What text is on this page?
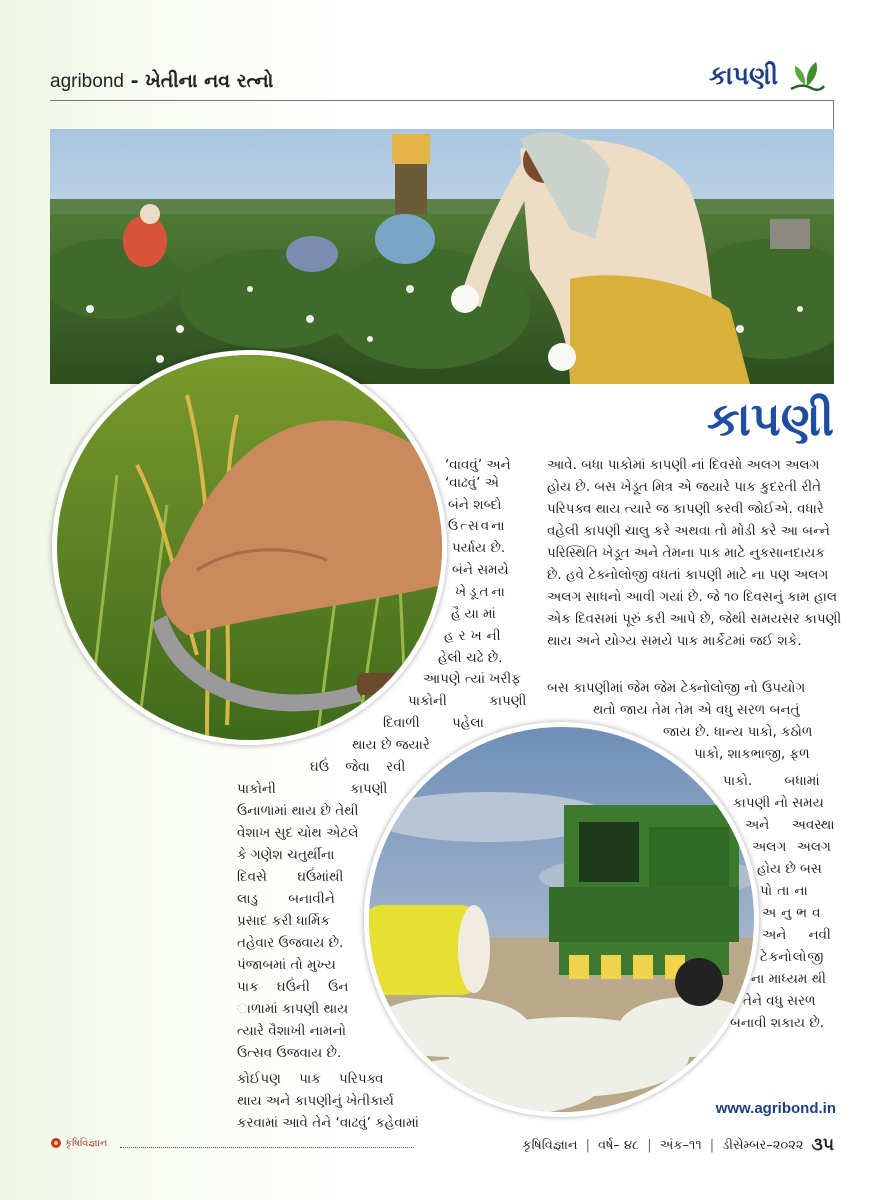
agribond - ખેતીના નવ રત્નો	કાપણી
કાપણી
‘વાવવું’ અને
‘વાઢવું’ એ
બંને શબ્દો
ઉત્સવના
પર્યાય છે.
બંને સમયે
ખેડૂતના
હૈયામાં
હરખની
હેલી ચઢે છે.
આપણે ત્યાં ખરીફ
પાકોની કાપણી
દિવાળી પહેલા
થાય છે જયારે
ઘઉં જેવા રવી
પાકોની કાપણી
ઉનાળામાં થાય છે તેથી
વેશાખ સુદ ચોથ એટલે
કે ગણેશ ચતુર્થીના
દિવસે ઘઉંમાંથી
લાડુ બનાવીને
પ્રસાદ કરી ધાર્મિક
તહેવાર ઉજવાય છે.
પંજાબમાં તો મુખ્ય
પાક ઘઉંની ઉન
ાળામાં કાપણી થાય
ત્યારે વૈશાખી નામનો
ઉત્સવ ઉજવાય છે.
કોઈપણ પાક પરિપક્વ
થાય અને કાપણીનું ખેતીકાર્ય
કરવામાં આવે તેને ‘વાઢવું’ કહેવામાં
આવે. બધા પાકોમાં કાપણી નાં દિવસો અલગ અલગ
હોય છે. બસ ખેડૂત મિત્ર એ જયારે પાક કુદરતી રીતે
પરિપક્વ થાય ત્યારે જ કાપણી કરવી જોઈએ. વધારે
વહેલી કાપણી ચાલુ કરે અથવા તો મોડી કરે આ બન્ને
પરિસ્થિતિ ખેડૂત અને તેમના પાક માટે નુકસાનદાયક
છે. હવે ટેક્નોલોજી વધતાં કાપણી માટે ના પણ અલગ
અલગ સાધનો આવી ગયાં છે. જે ૧૦ દિવસનું કામ હાલ
એક દિવસમાં પૂરું કરી આપે છે, જેથી સમયસર કાપણી
થાય અને યોગ્ય સમયે પાક માર્કેટમાં જઈ શકે.
બસ કાપણીમાં જેમ જેમ ટેક્નોલોજી નો ઉપયોગ
થતો જાય તેમ તેમ એ વધુ સરળ બનતું
જાય છે. ધાન્ય પાકો, કઠોળ
પાકો, શાકભાજી, ફળ
પાકો. બધામાં
કાપણી નો સમય
અને અવસ્થા
અલગ અલગ
હોય છે બસ
પોતાના
અનુભવ
અને નવી
ટેક્નોલોજી
ના માધ્યમ થી
તેને વધુ સરળ
બનાવી શકાય છે.
www.agribond.in
કૃષિવિજ્ઞાન	કૃષિવિજ્ઞાન | વર્ષ– ૪૮ | અંક–૧૧ | ડીસેમ્બર–૨૦૨૨ ૩૫
